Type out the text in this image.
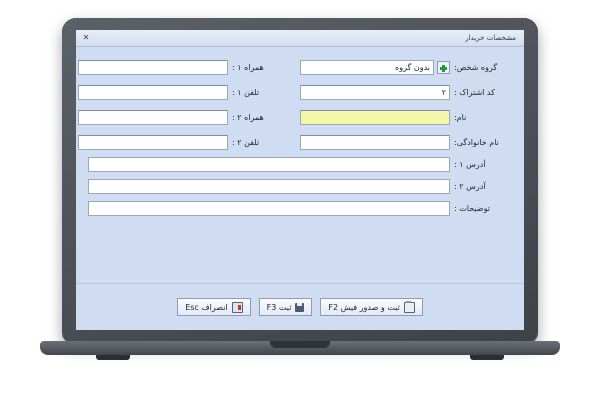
مشخصات خریدار
✕
گروه شخص:
بدون گروه
همراه ۱ :
کد اشتراک :
۲
تلفن ۱ :
نام:
همراه ۲ :
نام خانوادگی:
تلفن ۲ :
آدرس ۱ :
آدرس ۲ :
توضیحات :
ثبت و صدور فیش F2
ثبت F3
انصراف Esc
